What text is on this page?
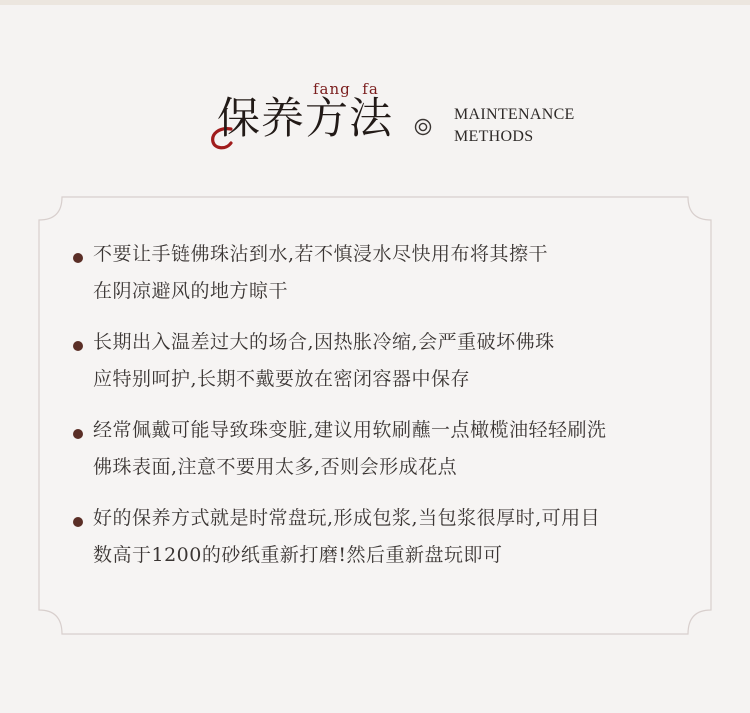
fang  fa
保养方法	MAINTENANCE
METHODS
不要让手链佛珠沾到水,若不慎浸水尽快用布将其擦干
在阴凉避风的地方晾干
长期出入温差过大的场合,因热胀冷缩,会严重破坏佛珠
应特别呵护,长期不戴要放在密闭容器中保存
经常佩戴可能导致珠变脏,建议用软刷蘸一点橄榄油轻轻刷洗
佛珠表面,注意不要用太多,否则会形成花点
好的保养方式就是时常盘玩,形成包浆,当包浆很厚时,可用目
数高于1200的砂纸重新打磨!然后重新盘玩即可
